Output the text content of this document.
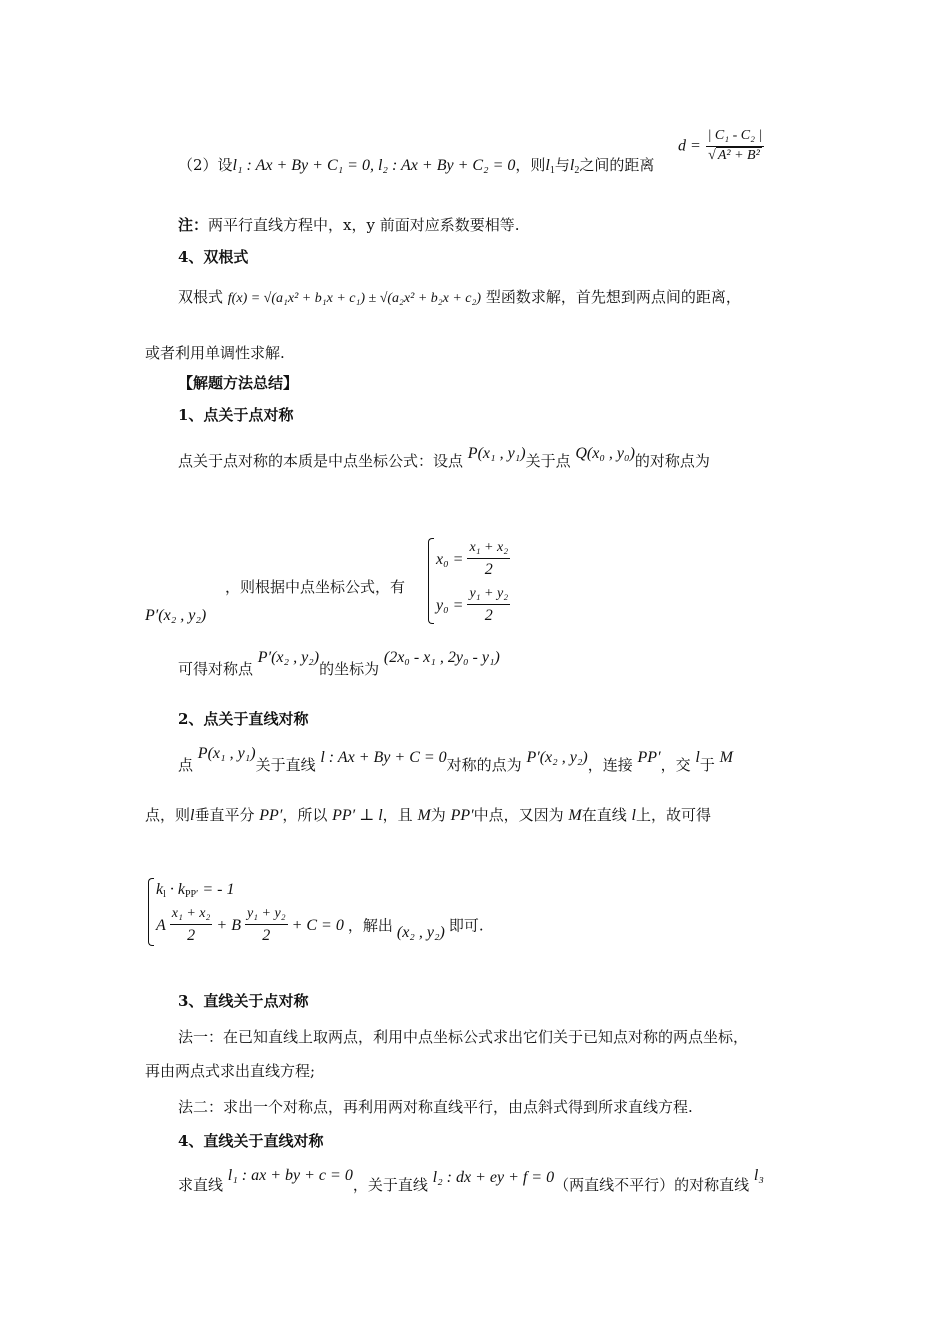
（2）设l₁ : Ax + By + C₁ = 0, l₂ : Ax + By + C₂ = 0，则$l_1$与$l_2$之间的距离
$d = \frac{\text{| C₁ - C₂ |}}{\text{√ A² + B²}}$
注：两平行直线方程中，x，y 前面对应系数要相等.
4、双根式
双根式 f(x) = √(a₁x² + b₁x + c₁) ± √(a₂x² + b₂x + c₂) 型函数求解，首先想到两点间的距离，
或者利用单调性求解.
【解题方法总结】
1、点关于点对称
点关于点对称的本质是中点坐标公式：设点 P(x₁ , y₁)关于点 Q(x₀ , y₀)的对称点为
，则根据中点坐标公式，有
P′(x₂ , y₂)
$x_0 = \frac{\text{x₁ + x₂}}{2}$
$y_0 = \frac{\text{y₁ + y₂}}{2}$
可得对称点 P′(x₂ , y₂)的坐标为 (2x₀ - x₁ , 2y₀ - y₁)
2、点关于直线对称
点 P(x₁ , y₁)关于直线 l : Ax + By + C = 0对称的点为 P′(x₂ , y₂)，连接 PP′，交 l于 M
点，则l垂直平分 PP′，所以 PP′ ⊥ l，且 M为 PP′中点，又因为 M在直线 l上，故可得
$k_l \cdot k_{PP'}$ = - 1
A $\frac{\text{x₁ + x₂}}{2} + B \frac{\text{y₁ + y₂}}{2} + C = 0$ ，解出 (x₂ , y₂) 即可.
3、直线关于点对称
法一：在已知直线上取两点，利用中点坐标公式求出它们关于已知点对称的两点坐标，
再由两点式求出直线方程;
法二：求出一个对称点，再利用两对称直线平行，由点斜式得到所求直线方程.
4、直线关于直线对称
求直线 l₁ : ax + by + c = 0，关于直线 l₂ : dx + ey + f = 0（两直线不平行）的对称直线 l₃
